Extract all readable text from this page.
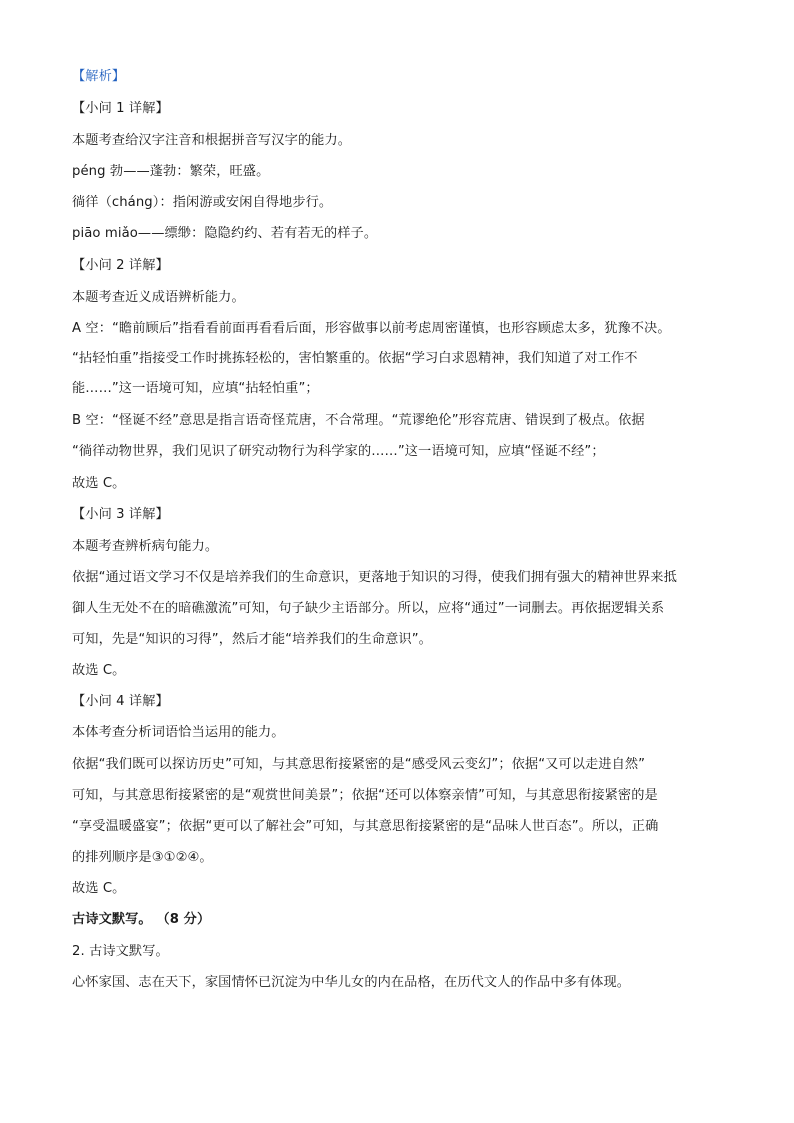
【解析】
【小问 1 详解】
本题考查给汉字注音和根据拼音写汉字的能力。
péng 勃——蓬勃：繁荣，旺盛。
徜徉（cháng）：指闲游或安闲自得地步行。
piāo miǎo——缥缈：隐隐约约、若有若无的样子。
【小问 2 详解】
本题考查近义成语辨析能力。
A 空：“瞻前顾后”指看看前面再看看后面，形容做事以前考虑周密谨慎，也形容顾虑太多，犹豫不决。
“拈轻怕重”指接受工作时挑拣轻松的，害怕繁重的。依据“学习白求恩精神，我们知道了对工作不
能……”这一语境可知，应填“拈轻怕重”；
B 空：“怪诞不经”意思是指言语奇怪荒唐，不合常理。“荒谬绝伦”形容荒唐、错误到了极点。依据
“徜徉动物世界，我们见识了研究动物行为科学家的……”这一语境可知，应填“怪诞不经”；
故选 C。
【小问 3 详解】
本题考查辨析病句能力。
依据“通过语文学习不仅是培养我们的生命意识，更落地于知识的习得，使我们拥有强大的精神世界来抵
御人生无处不在的暗礁激流”可知，句子缺少主语部分。所以，应将“通过”一词删去。再依据逻辑关系
可知，先是“知识的习得”，然后才能“培养我们的生命意识”。
故选 C。
【小问 4 详解】
本体考查分析词语恰当运用的能力。
依据“我们既可以探访历史”可知，与其意思衔接紧密的是“感受风云变幻”；依据“又可以走进自然”
可知，与其意思衔接紧密的是“观赏世间美景”；依据“还可以体察亲情”可知，与其意思衔接紧密的是
“享受温暖盛宴”；依据“更可以了解社会”可知，与其意思衔接紧密的是“品味人世百态”。所以，正确
的排列顺序是③①②④。
故选 C。
古诗文默写。 （8 分）
2. 古诗文默写。
心怀家国、志在天下，家国情怀已沉淀为中华儿女的内在品格，在历代文人的作品中多有体现。
